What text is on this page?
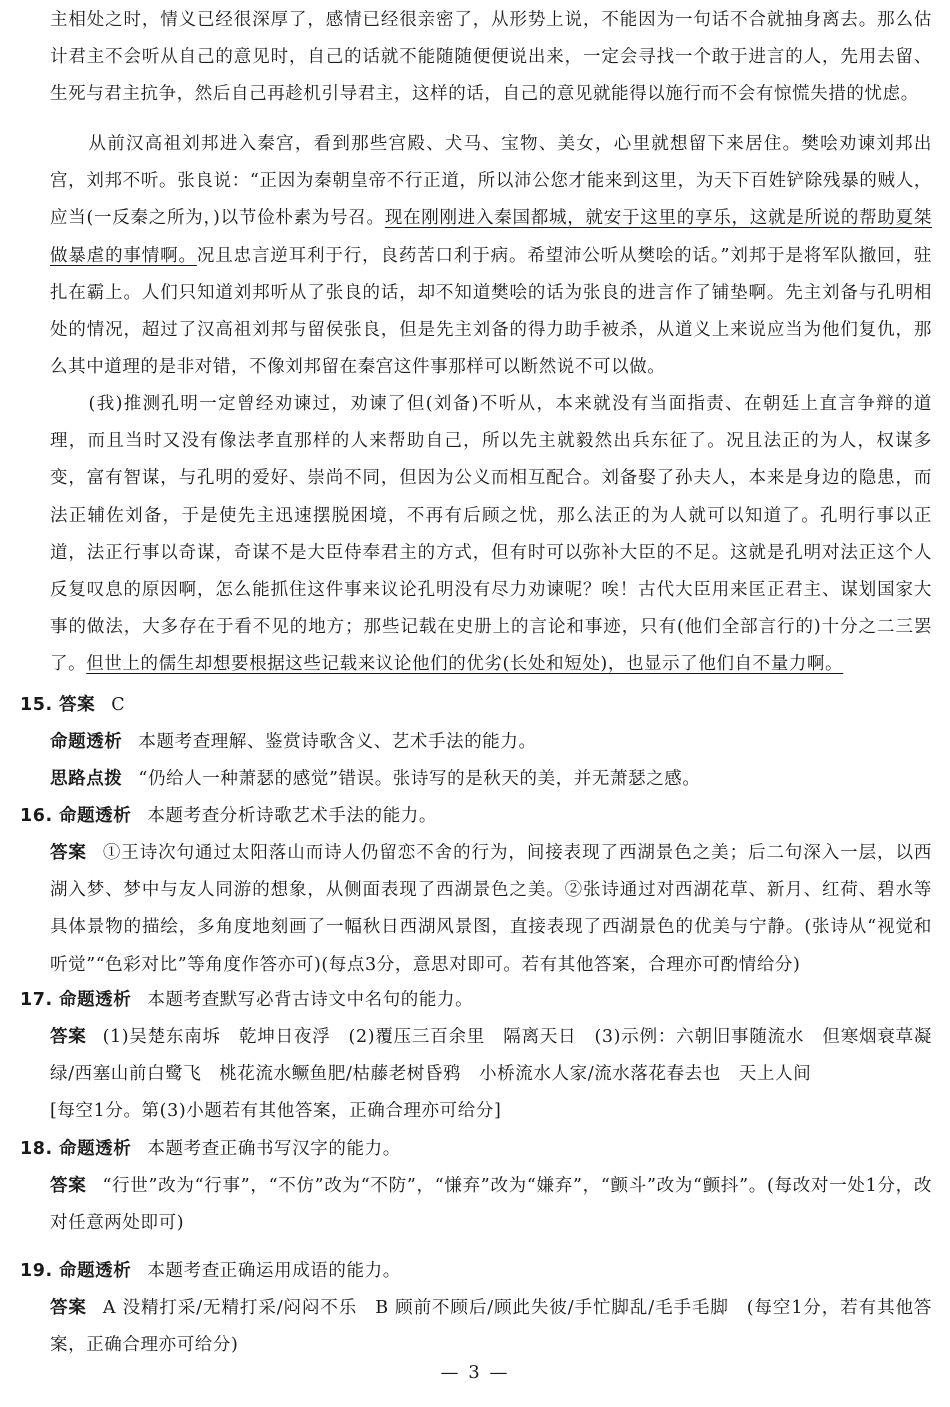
主相处之时，情义已经很深厚了，感情已经很亲密了，从形势上说，不能因为一句话不合就抽身离去。那么估计君主不会听从自己的意见时，自己的话就不能随随便便说出来，一定会寻找一个敢于进言的人，先用去留、生死与君主抗争，然后自己再趁机引导君主，这样的话，自己的意见就能得以施行而不会有惊慌失措的忧虑。

从前汉高祖刘邦进入秦宫，看到那些宫殿、犬马、宝物、美女，心里就想留下来居住。樊哙劝谏刘邦出宫，刘邦不听。张良说：“正因为秦朝皇帝不行正道，所以沛公您才能来到这里，为天下百姓铲除残暴的贼人，应当(一反秦之所为，)以节俭朴素为号召。现在刚刚进入秦国都城，就安于这里的享乐，这就是所说的帮助夏桀做暴虐的事情啊。况且忠言逆耳利于行，良药苦口利于病。希望沛公听从樊哙的话。”刘邦于是将军队撤回，驻扎在霸上。人们只知道刘邦听从了张良的话，却不知道樊哙的话为张良的进言作了铺垫啊。先主刘备与孔明相处的情况，超过了汉高祖刘邦与留侯张良，但是先主刘备的得力助手被杀，从道义上来说应当为他们复仇，那么其中道理的是非对错，不像刘邦留在秦宫这件事那样可以断然说不可以做。

(我)推测孔明一定曾经劝谏过，劝谏了但(刘备)不听从，本来就没有当面指责、在朝廷上直言争辩的道理，而且当时又没有像法孝直那样的人来帮助自己，所以先主就毅然出兵东征了。况且法正的为人，权谋多变，富有智谋，与孔明的爱好、崇尚不同，但因为公义而相互配合。刘备娶了孙夫人，本来是身边的隐患，而法正辅佐刘备，于是使先主迅速摆脱困境，不再有后顾之忧，那么法正的为人就可以知道了。孔明行事以正道，法正行事以奇谋，奇谋不是大臣侍奉君主的方式，但有时可以弥补大臣的不足。这就是孔明对法正这个人反复叹息的原因啊，怎么能抓住这件事来议论孔明没有尽力劝谏呢？唉！古代大臣用来匡正君主、谋划国家大事的做法，大多存在于看不见的地方；那些记载在史册上的言论和事迹，只有(他们全部言行的)十分之二三罢了。但世上的儒生却想要根据这些记载来议论他们的优劣(长处和短处)，也显示了他们自不量力啊。

15. 答案 C

命题透析 本题考查理解、鉴赏诗歌含义、艺术手法的能力。

思路点拨 “仍给人一种萧瑟的感觉”错误。张诗写的是秋天的美，并无萧瑟之感。

16. 命题透析 本题考查分析诗歌艺术手法的能力。

答案 ①王诗次句通过太阳落山而诗人仍留恋不舍的行为，间接表现了西湖景色之美；后二句深入一层，以西湖入梦、梦中与友人同游的想象，从侧面表现了西湖景色之美。②张诗通过对西湖花草、新月、红荷、碧水等具体景物的描绘，多角度地刻画了一幅秋日西湖风景图，直接表现了西湖景色的优美与宁静。(张诗从“视觉和听觉”“色彩对比”等角度作答亦可)(每点3分，意思对即可。若有其他答案，合理亦可酌情给分)

17. 命题透析 本题考查默写必背古诗文中名句的能力。

答案 (1)吴楚东南坼 乾坤日夜浮 (2)覆压三百余里 隔离天日 (3)示例：六朝旧事随流水 但寒烟衰草凝绿/西塞山前白鹭飞 桃花流水鳜鱼肥/枯藤老树昏鸦 小桥流水人家/流水落花春去也 天上人间
[每空1分。第(3)小题若有其他答案，正确合理亦可给分]

18. 命题透析 本题考查正确书写汉字的能力。

答案 “行世”改为“行事”，“不仿”改为“不防”，“慊弃”改为“嫌弃”，“颤斗”改为“颤抖”。(每改对一处1分，改对任意两处即可)

19. 命题透析 本题考查正确运用成语的能力。

答案 A 没精打采/无精打采/闷闷不乐 B 顾前不顾后/顾此失彼/手忙脚乱/毛手毛脚 (每空1分，若有其他答案，正确合理亦可给分)

— 3 —
